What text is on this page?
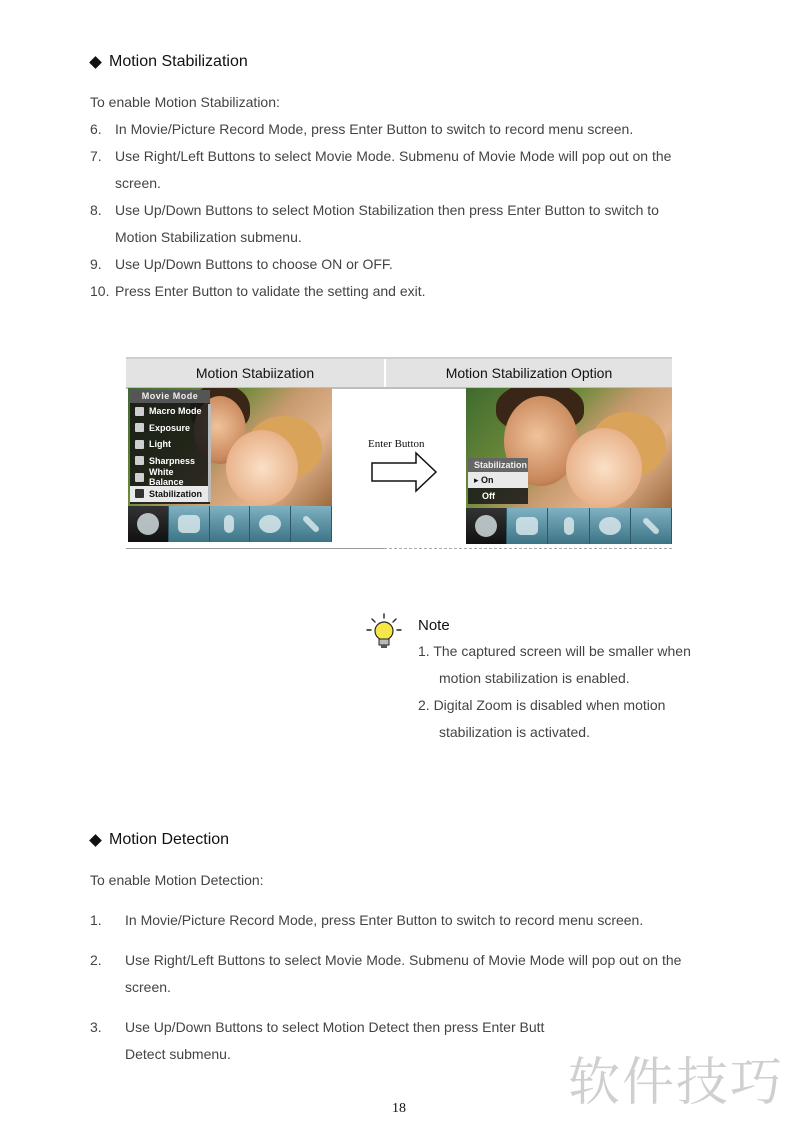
Motion Stabilization
To enable Motion Stabilization:
6. In Movie/Picture Record Mode, press Enter Button to switch to record menu screen.
7. Use Right/Left Buttons to select Movie Mode. Submenu of Movie Mode will pop out on the
screen.
8. Use Up/Down Buttons to select Motion Stabilization then press Enter Button to switch to
Motion Stabilization submenu.
9. Use Up/Down Buttons to choose ON or OFF.
10. Press Enter Button to validate the setting and exit.
Motion Stabiization	Motion Stabilization Option
Movie Mode
Macro Mode
Exposure
Light
Sharpness
White Balance
Stabilization
Enter Button
Stabilization
▸ On
Off
Note
1. The captured screen will be smaller when
motion stabilization is enabled.
2. Digital Zoom is disabled when motion
stabilization is activated.
Motion Detection
To enable Motion Detection:
1. In Movie/Picture Record Mode, press Enter Button to switch to record menu screen.
2. Use Right/Left Buttons to select Movie Mode. Submenu of Movie Mode will pop out on the
screen.
3. Use Up/Down Buttons to select Motion Detect then press Enter Butt
Detect submenu.	软件技巧
18
